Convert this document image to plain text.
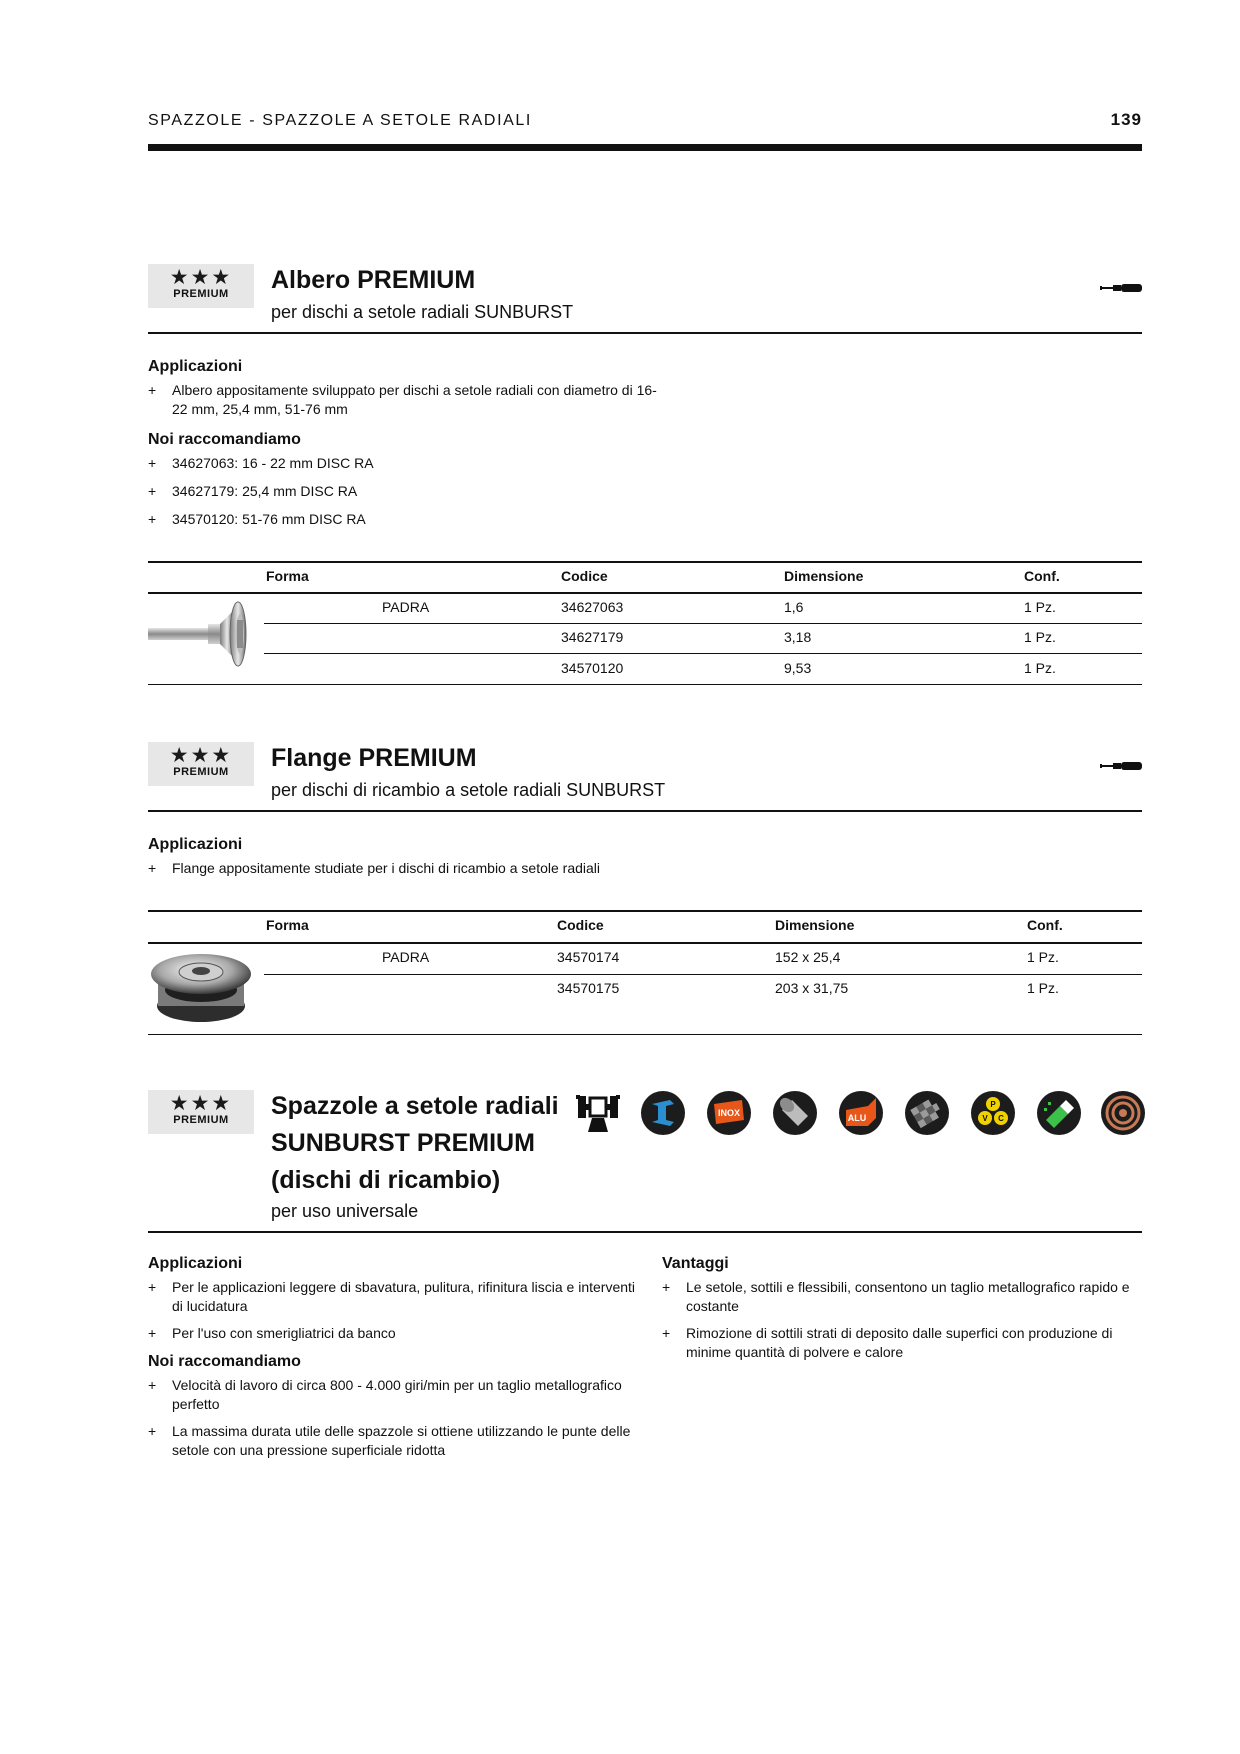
SPAZZOLE - SPAZZOLE A SETOLE RADIALI	139
★★★
PREMIUM	Albero PREMIUM
per dischi a setole radiali SUNBURST
Applicazioni
+ Albero appositamente sviluppato per dischi a setole radiali con diametro di 16-22 mm, 25,4 mm, 51-76 mm
Noi raccomandiamo
+ 34627063: 16 - 22 mm DISC RA
+ 34627179: 25,4 mm DISC RA
+ 34570120: 51-76 mm DISC RA
Forma	Codice	Dimensione	Conf.
PADRA	34627063	1,6	1 Pz.
34627179	3,18	1 Pz.
34570120	9,53	1 Pz.
★★★
PREMIUM	Flange PREMIUM
per dischi di ricambio a setole radiali SUNBURST
Applicazioni
+ Flange appositamente studiate per i dischi di ricambio a setole radiali
Forma	Codice	Dimensione	Conf.
PADRA	34570174	152 x 25,4	1 Pz.
34570175	203 x 31,75	1 Pz.
★★★
PREMIUM	Spazzole a setole radiali
SUNBURST PREMIUM
(dischi di ricambio)
per uso universale
INOX	ALU
P
V C
Applicazioni
+ Per le applicazioni leggere di sbavatura, pulitura, rifinitura liscia e interventi di lucidatura
+ Per l'uso con smerigliatrici da banco
Noi raccomandiamo
+ Velocità di lavoro di circa 800 - 4.000 giri/min per un taglio metallografico perfetto
+ La massima durata utile delle spazzole si ottiene utilizzando le punte delle setole con una pressione superficiale ridotta
Vantaggi
+ Le setole, sottili e flessibili, consentono un taglio metallografico rapido e costante
+ Rimozione di sottili strati di deposito dalle superfici con produzione di minime quantità di polvere e calore
